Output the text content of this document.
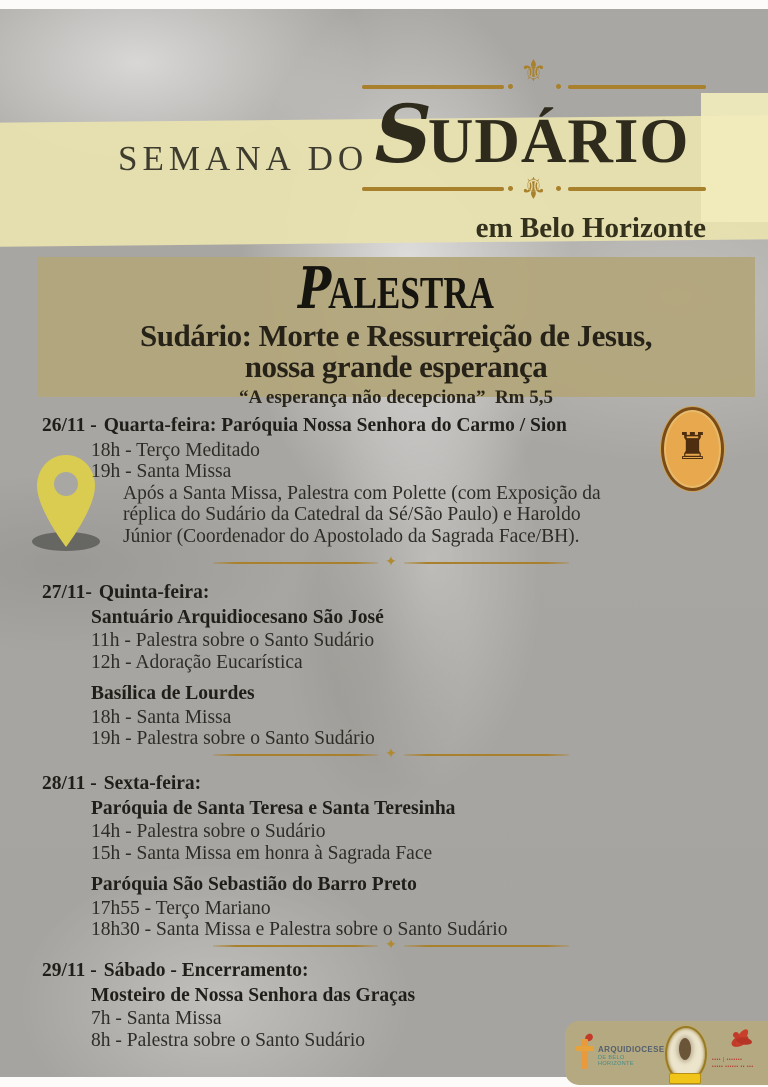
⚜
SEMANA DO SUDÁRIO
⚜
em Belo Horizonte
PALESTRA
Sudário: Morte e Ressurreição de Jesus,
nossa grande esperança
“A esperança não decepciona”  Rm 5,5
♜
26/11 - Quarta-feira: Paróquia Nossa Senhora do Carmo / Sion
18h - Terço Meditado
19h - Santa Missa
Após a Santa Missa, Palestra com Polette (com Exposição da
réplica do Sudário da Catedral da Sé/São Paulo) e Haroldo
Júnior (Coordenador do Apostolado da Sagrada Face/BH).
✦
27/11- Quinta-feira:
Santuário Arquidiocesano São José
11h - Palestra sobre o Santo Sudário
12h - Adoração Eucarística
Basílica de Lourdes
18h - Santa Missa
19h - Palestra sobre o Santo Sudário
✦
28/11 - Sexta-feira:
Paróquia de Santa Teresa e Santa Teresinha
14h - Palestra sobre o Sudário
15h - Santa Missa em honra à Sagrada Face
Paróquia São Sebastião do Barro Preto
17h55 - Terço Mariano
18h30 - Santa Missa e Palestra sobre o Santo Sudário
✦
29/11 - Sábado - Encerramento:
Mosteiro de Nossa Senhora das Graças
7h - Santa Missa
8h - Palestra sobre o Santo Sudário	ARQUIDIOCESE
DE BELO HORIZONTE
•••• | •••••••
••••• •••••• •• •••
